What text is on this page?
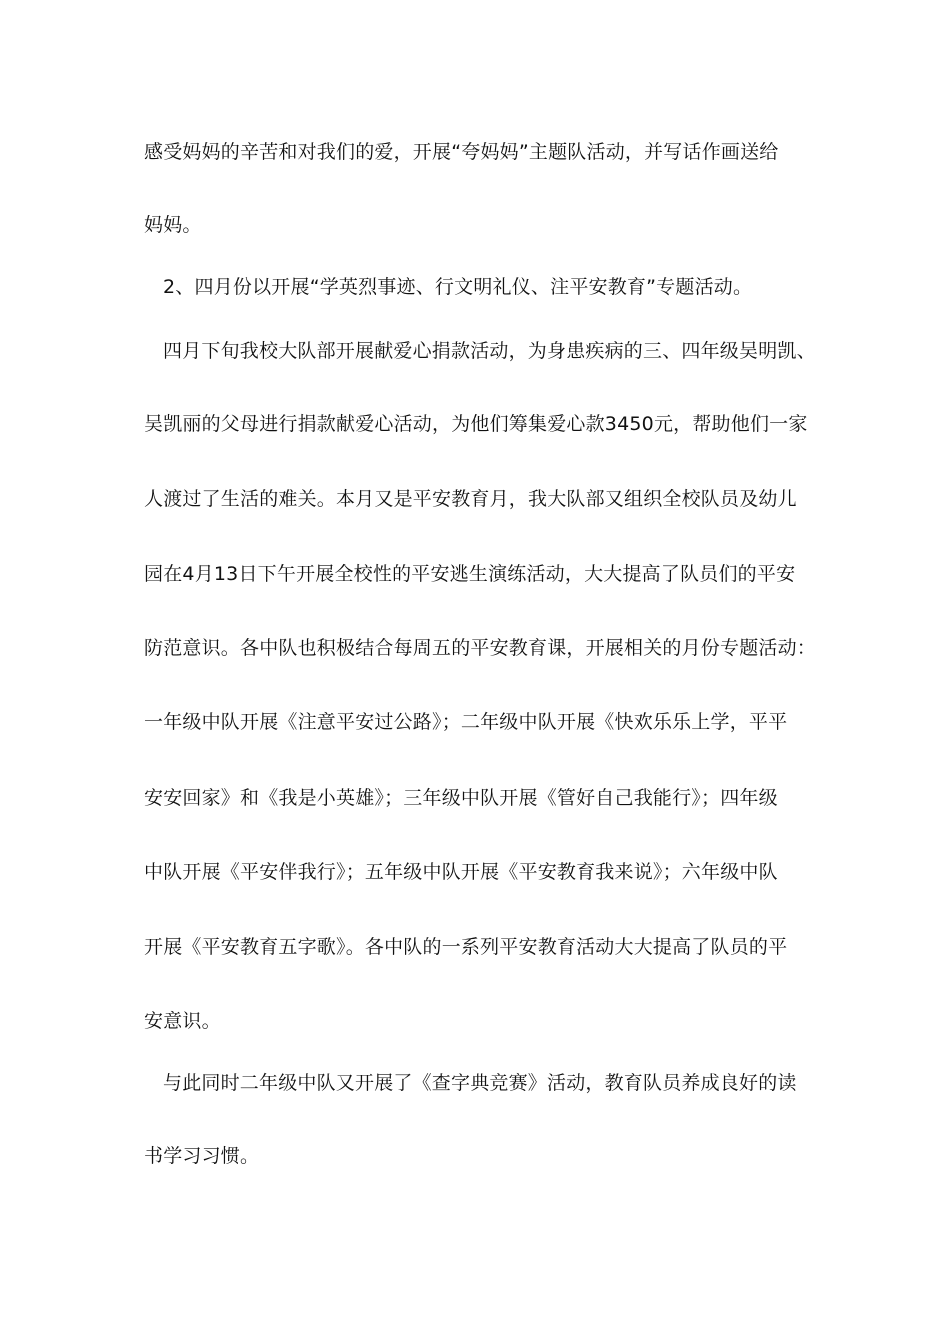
感受妈妈的辛苦和对我们的爱，开展“夸妈妈”主题队活动，并写话作画送给
妈妈。
2、四月份以开展“学英烈事迹、行文明礼仪、注平安教育”专题活动。
四月下旬我校大队部开展献爱心捐款活动，为身患疾病的三、四年级吴明凯、
吴凯丽的父母进行捐款献爱心活动，为他们筹集爱心款3450元，帮助他们一家
人渡过了生活的难关。本月又是平安教育月，我大队部又组织全校队员及幼儿
园在4月13日下午开展全校性的平安逃生演练活动，大大提高了队员们的平安
防范意识。各中队也积极结合每周五的平安教育课，开展相关的月份专题活动：
一年级中队开展《注意平安过公路》；二年级中队开展《快欢乐乐上学，平平
安安回家》和《我是小英雄》；三年级中队开展《管好自己我能行》；四年级
中队开展《平安伴我行》；五年级中队开展《平安教育我来说》；六年级中队
开展《平安教育五字歌》。各中队的一系列平安教育活动大大提高了队员的平
安意识。
与此同时二年级中队又开展了《查字典竞赛》活动，教育队员养成良好的读
书学习习惯。
